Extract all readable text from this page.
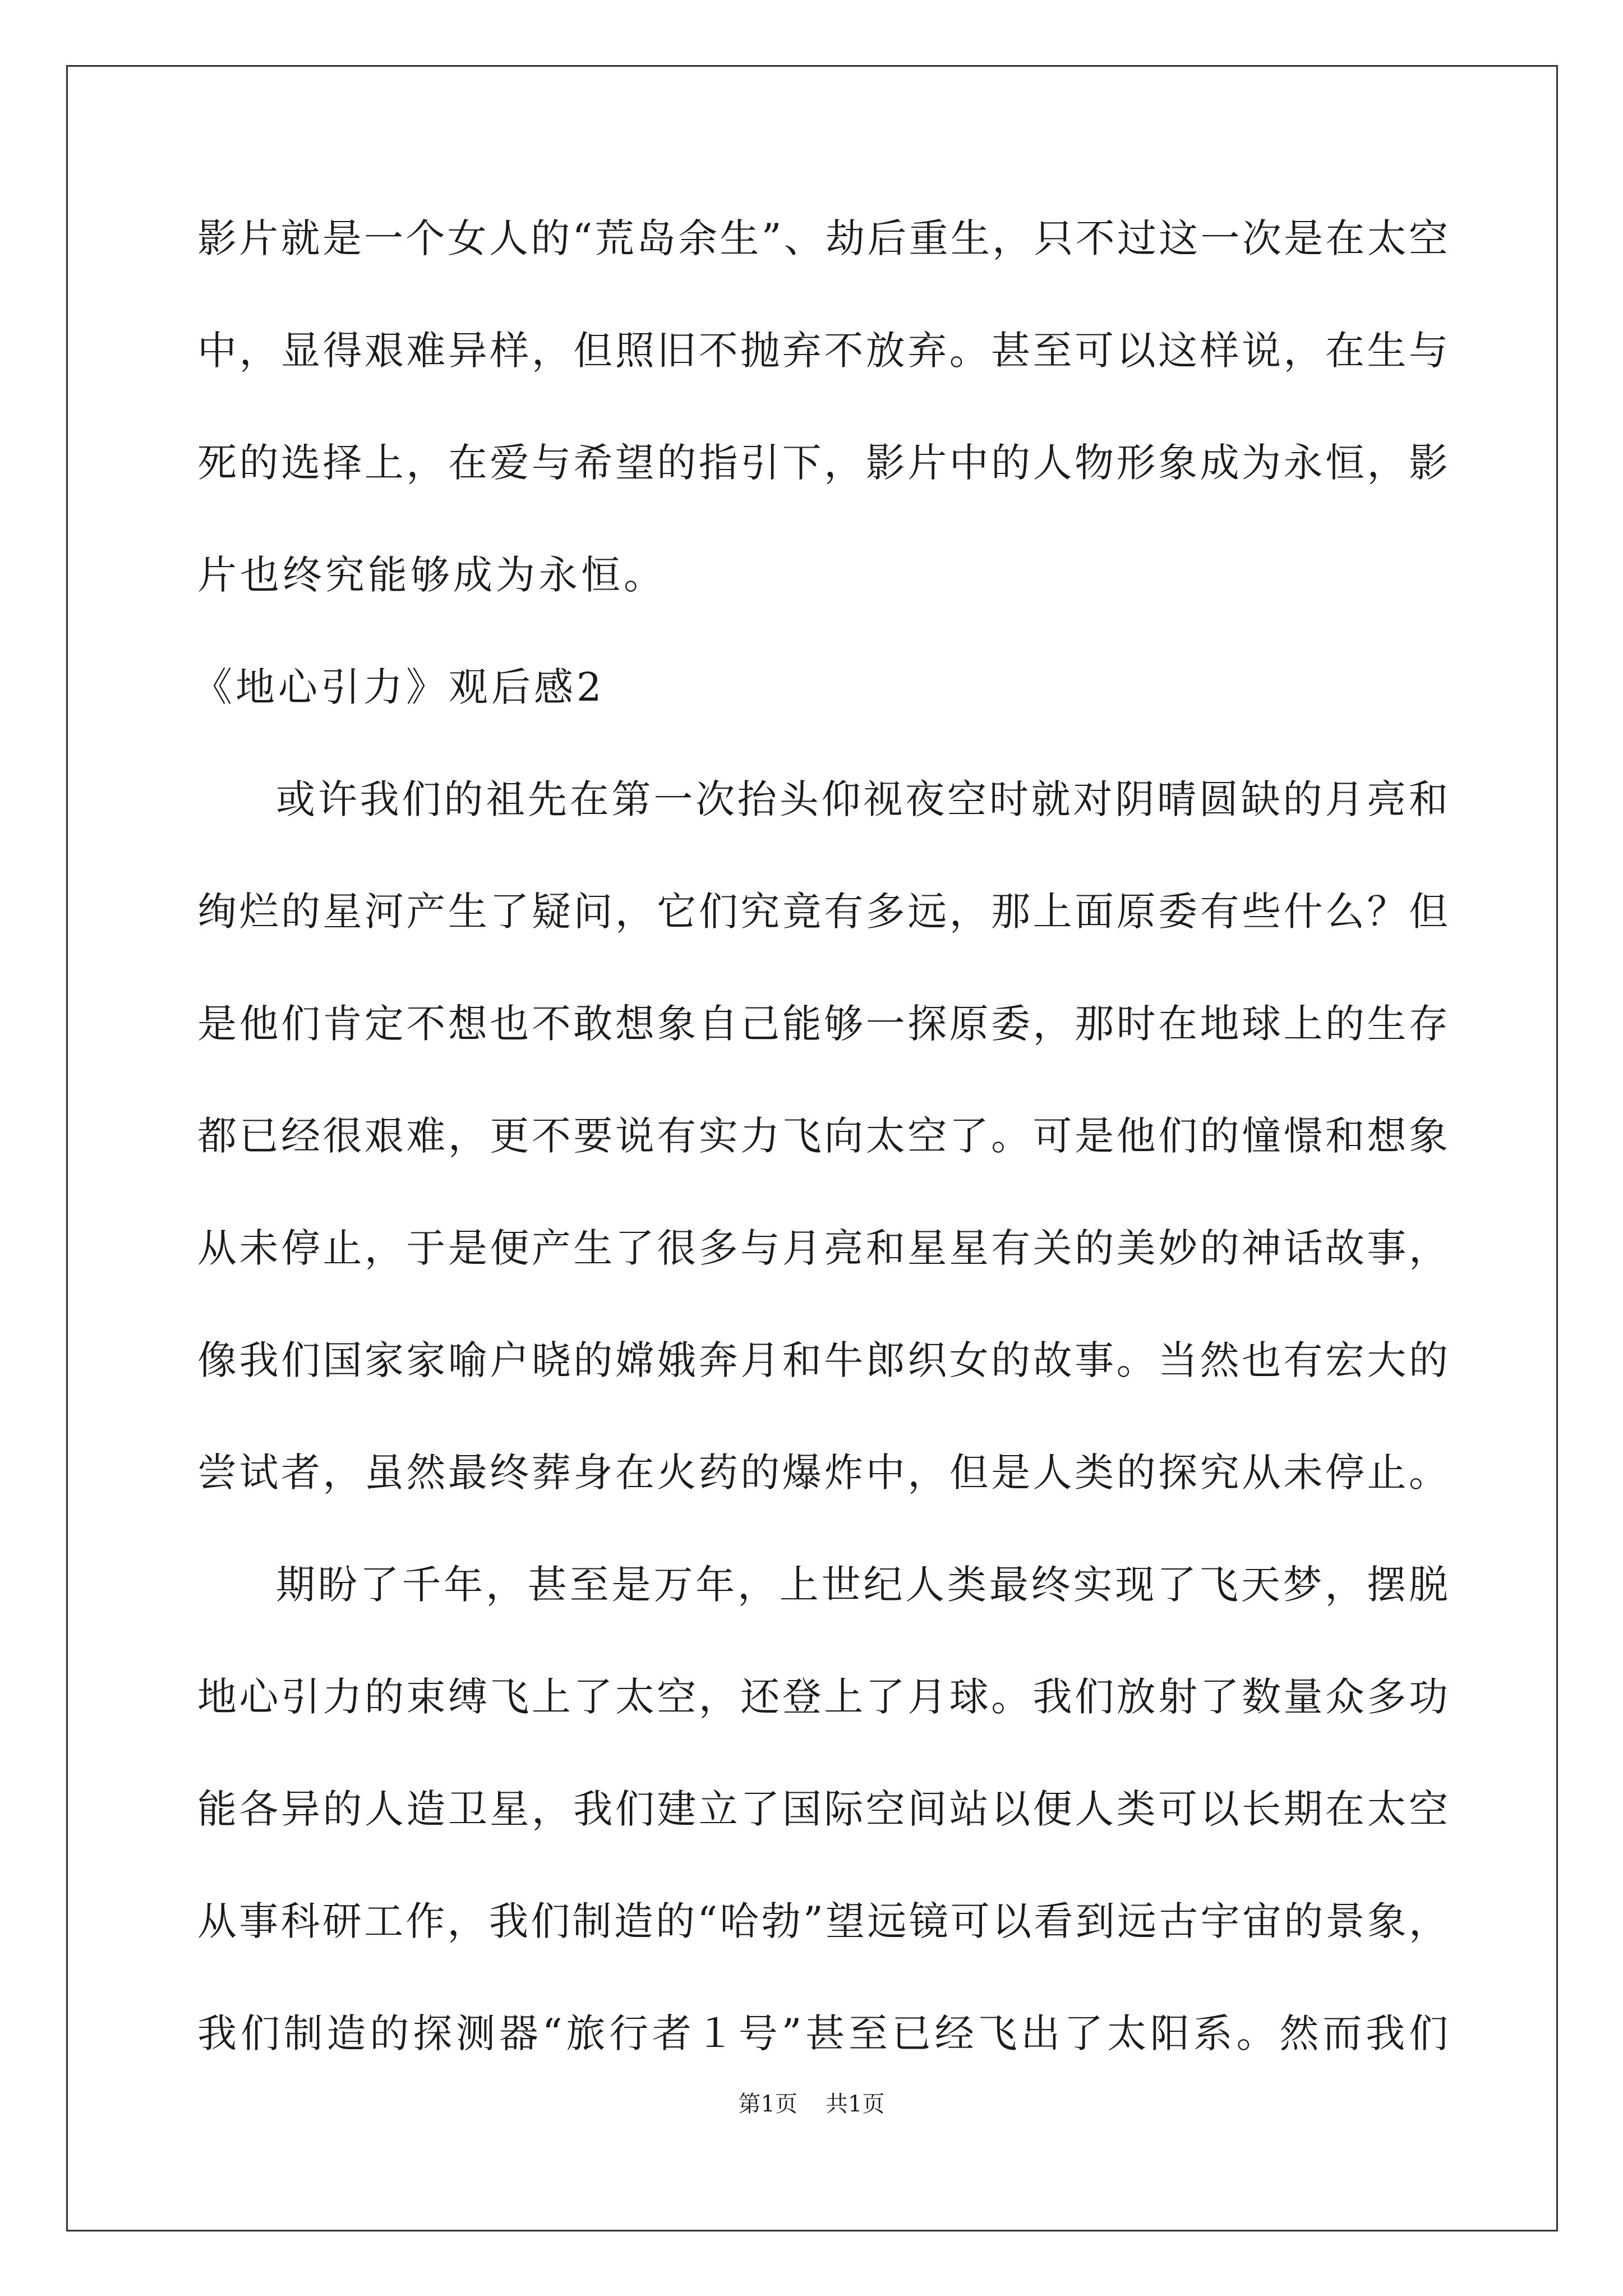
影片就是一个女人的“荒岛余生”、劫后重生，只不过这一次是在太空
中，显得艰难异样，但照旧不抛弃不放弃。甚至可以这样说，在生与
死的选择上，在爱与希望的指引下，影片中的人物形象成为永恒，影
片也终究能够成为永恒。
《地心引力》观后感2
或许我们的祖先在第一次抬头仰视夜空时就对阴晴圆缺的月亮和
绚烂的星河产生了疑问，它们究竟有多远，那上面原委有些什么？但
是他们肯定不想也不敢想象自己能够一探原委，那时在地球上的生存
都已经很艰难，更不要说有实力飞向太空了。可是他们的憧憬和想象
从未停止，于是便产生了很多与月亮和星星有关的美妙的神话故事，
像我们国家家喻户晓的嫦娥奔月和牛郎织女的故事。当然也有宏大的
尝试者，虽然最终葬身在火药的爆炸中，但是人类的探究从未停止。
期盼了千年，甚至是万年，上世纪人类最终实现了飞天梦，摆脱
地心引力的束缚飞上了太空，还登上了月球。我们放射了数量众多功
能各异的人造卫星，我们建立了国际空间站以便人类可以长期在太空
从事科研工作，我们制造的“哈勃”望远镜可以看到远古宇宙的景象，
我们制造的探测器“旅行者１号”甚至已经飞出了太阳系。然而我们
第1页 共1页
